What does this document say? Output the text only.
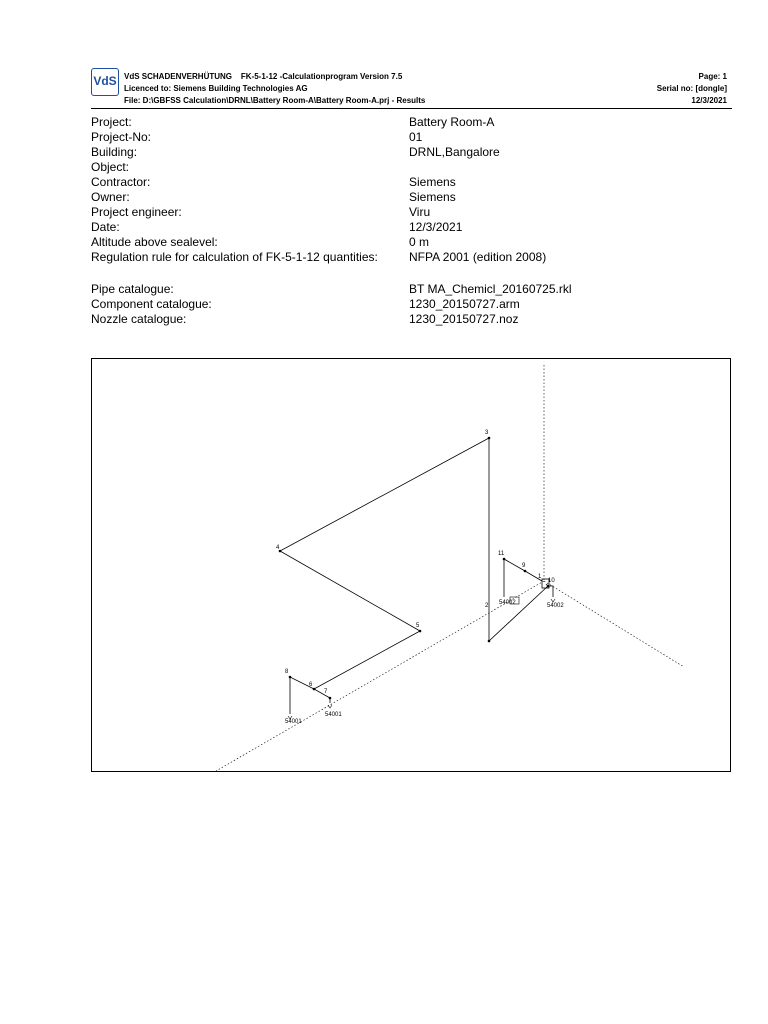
VdS VdS SCHADENVERHÜTUNG    FK-5-1-12 -Calculationprogram Version 7.5
Licenced to: Siemens Building Technologies AG
File: D:\GBFSS Calculation\DRNL\Battery Room-A\Battery Room-A.prj - Results
Page: 1
Serial no: [dongle]
12/3/2021
Project:	Battery Room-A
Project-No:	01
Building:	DRNL,Bangalore
Object:
Contractor:	Siemens
Owner:	Siemens
Project engineer:	Viru
Date:	12/3/2021
Altitude above sealevel:	0 m
Regulation rule for calculation of FK-5-1-12 quantities:	NFPA 2001 (edition 2008)
Pipe catalogue:	BT MA_Chemicl_20160725.rkl
Component catalogue:	1230_20150727.arm
Nozzle catalogue:	1230_20150727.noz
3
4
5
6
7
8
2
11
9
1
10
54001
54001
54002
54002
